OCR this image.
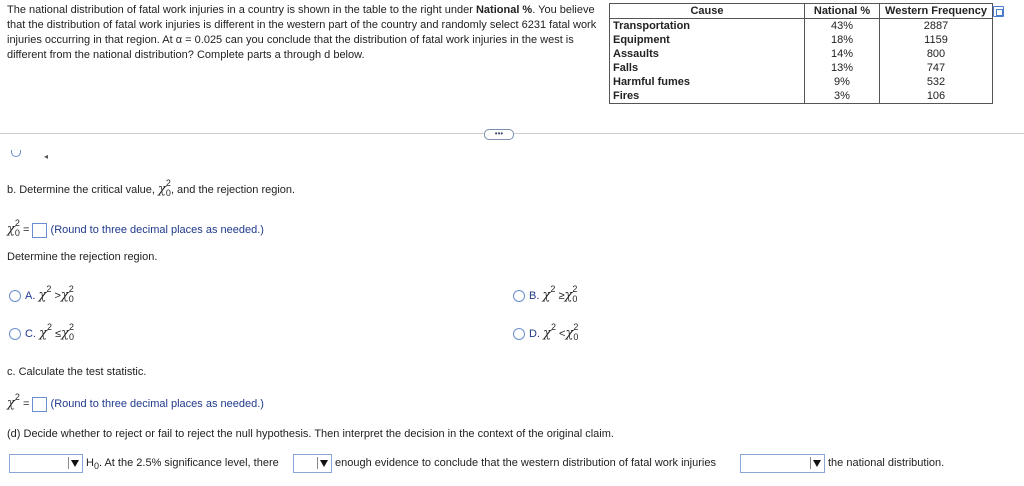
The national distribution of fatal work injuries in a country is shown in the table to the right under National %. You believe that the distribution of fatal work injuries is different in the western part of the country and randomly select 6231 fatal work injuries occurring in that region. At α = 0.025 can you conclude that the distribution of fatal work injuries in the west is different from the national distribution? Complete parts a through d below.
Cause	National %	Western Frequency

Transportation	43%	2887
Equipment	18%	1159
Assaults	14%	800
Falls	13%	747
Harmful fumes	9%	532
Fires	3%	106
•••
◂
b. Determine the critical value, $\chi_0^2$, and the rejection region.
$\chi_0^2$ = (Round to three decimal places as needed.)
Determine the rejection region.
A. $\chi^2 >\chi_0^2$
B. $\chi^2 \ge\chi_0^2$
C. $\chi^2 \le\chi_0^2$
D. $\chi^2 <\chi_0^2$
c. Calculate the test statistic.
$\chi^2$ = (Round to three decimal places as needed.)
(d) Decide whether to reject or fail to reject the null hypothesis. Then interpret the decision in the context of the original claim.
$H_0$. At the 2.5% significance level, there	enough evidence to conclude that the western distribution of fatal work injuries	the national distribution.
